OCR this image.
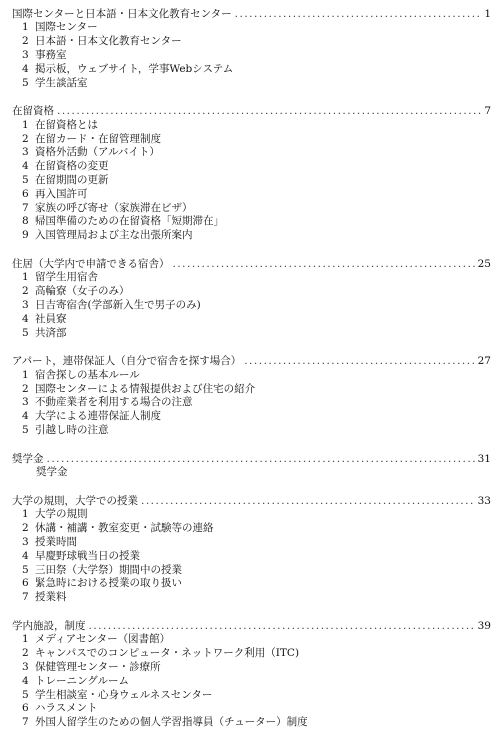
国際センターと日本語・日本文化教育センター .....	1
1 国際センター
2 日本語・日本文化教育センター
3 事務室
4 掲示板，ウェブサイト，学事Webシステム
5 学生談話室
在留資格 .....	7
1 在留資格とは
2 在留カード・在留管理制度
3 資格外活動（アルバイト）
4 在留資格の変更
5 在留期間の更新
6 再入国許可
7 家族の呼び寄せ（家族滞在ビザ）
8 帰国準備のための在留資格「短期滞在」
9 入国管理局および主な出張所案内
住居（大学内で申請できる宿舎） .....	25
1 留学生用宿舎
2 高輪寮（女子のみ）
3 日吉寄宿舎(学部新入生で男子のみ)
4 社員寮
5 共済部
アパート，連帯保証人（自分で宿舎を探す場合） .....	27
1 宿舎探しの基本ルール
2 国際センターによる情報提供および住宅の紹介
3 不動産業者を利用する場合の注意
4 大学による連帯保証人制度
5 引越し時の注意
奨学金 .....	31
奨学金
大学の規則，大学での授業 .....	33
1 大学の規則
2 休講・補講・教室変更・試験等の連絡
3 授業時間
4 早慶野球戦当日の授業
5 三田祭（大学祭）期間中の授業
6 緊急時における授業の取り扱い
7 授業料
学内施設，制度 .....	39
1 メディアセンター（図書館）
2 キャンパスでのコンピュータ・ネットワーク利用（ITC)
3 保健管理センター・診療所
4 トレーニングルーム
5 学生相談室・心身ウェルネスセンター
6 ハラスメント
7 外国人留学生のための個人学習指導員（チューター）制度
